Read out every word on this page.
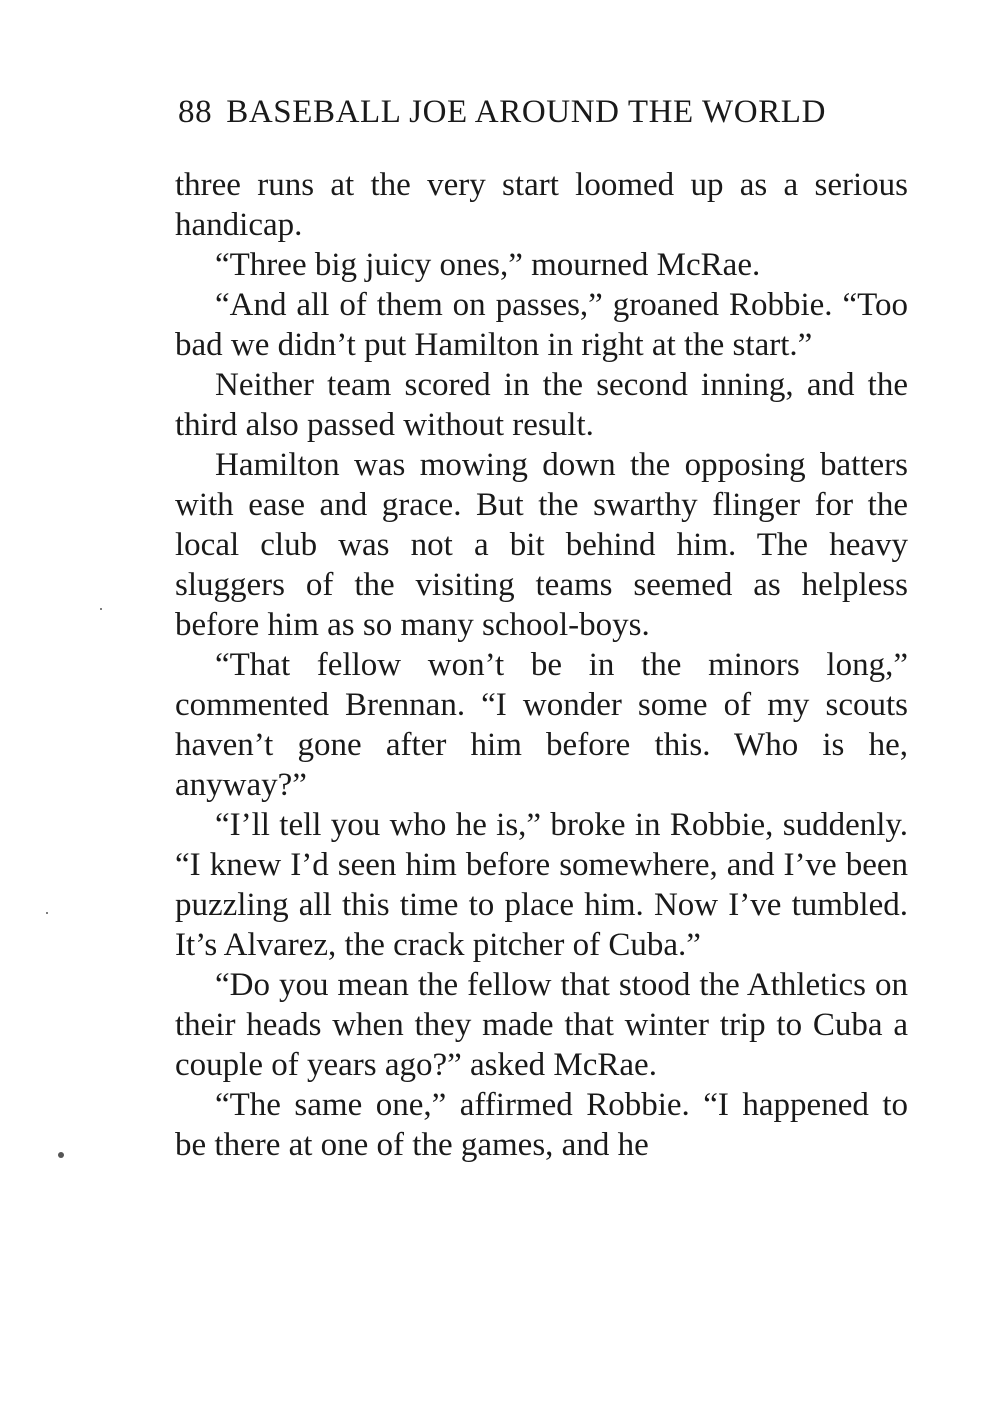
88 BASEBALL JOE AROUND THE WORLD

three runs at the very start loomed up as a serious handicap.

“Three big juicy ones,” mourned McRae.

“And all of them on passes,” groaned Robbie. “Too bad we didn’t put Hamilton in right at the start.”

Neither team scored in the second inning, and the third also passed without result.

Hamilton was mowing down the opposing batters with ease and grace. But the swarthy flinger for the local club was not a bit behind him. The heavy sluggers of the visiting teams seemed as helpless before him as so many school-boys.

“That fellow won’t be in the minors long,” commented Brennan. “I wonder some of my scouts haven’t gone after him before this. Who is he, anyway?”

“I’ll tell you who he is,” broke in Robbie, suddenly. “I knew I’d seen him before somewhere, and I’ve been puzzling all this time to place him. Now I’ve tumbled. It’s Alvarez, the crack pitcher of Cuba.”

“Do you mean the fellow that stood the Athletics on their heads when they made that winter trip to Cuba a couple of years ago?” asked McRae.

“The same one,” affirmed Robbie. “I happened to be there at one of the games, and he
